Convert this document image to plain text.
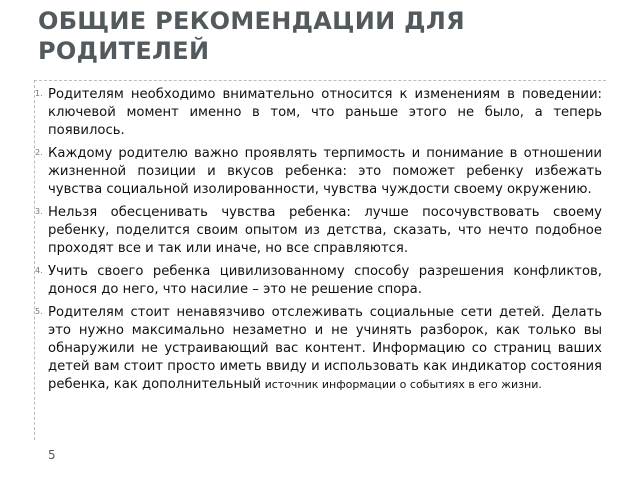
ОБЩИЕ РЕКОМЕНДАЦИИ ДЛЯ РОДИТЕЛЕЙ
1. Родителям необходимо внимательно относится к изменениям в поведении: ключевой момент именно в том, что раньше этого не было, а теперь появилось.
2. Каждому родителю важно проявлять терпимость и понимание в отношении жизненной позиции и вкусов ребенка: это поможет ребенку избежать чувства социальной изолированности, чувства чуждости своему окружению.
3. Нельзя обесценивать чувства ребенка: лучше посочувствовать своему ребенку, поделится своим опытом из детства, сказать, что нечто подобное проходят все и так или иначе, но все справляются.
4. Учить своего ребенка цивилизованному способу разрешения конфликтов, донося до него, что насилие – это не решение спора.
5. Родителям стоит ненавязчиво отслеживать социальные сети детей. Делать это нужно максимально незаметно и не учинять разборок, как только вы обнаружили не устраивающий вас контент. Информацию со страниц ваших детей вам стоит просто иметь ввиду и использовать как индикатор состояния ребенка, как дополнительный источник информации о событиях в его жизни.
5
